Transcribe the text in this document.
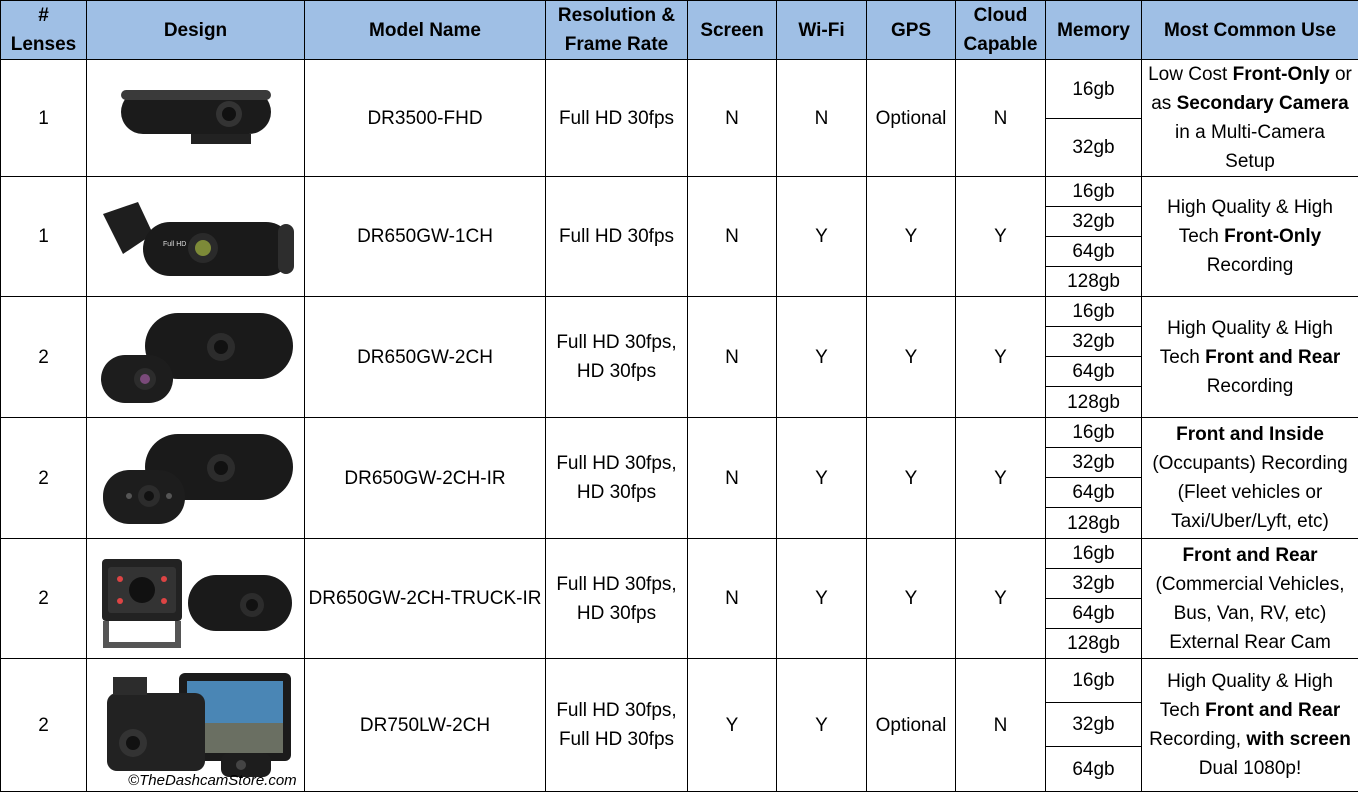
# Lenses	Design	Model Name	Resolution &
Frame Rate	Screen	Wi-Fi	GPS	Cloud
Capable	Memory	Most Common Use
1		DR3500-FHD	Full HD 30fps	N	N	Optional	N	16gb	Low Cost Front-Only or
as Secondary Camera
in a Multi-Camera
Setup
								32gb	
1	Full HD	DR650GW-1CH	Full HD 30fps	N	Y	Y	Y	16gb	High Quality & High
Tech Front-Only
Recording
								32gb	
								64gb	
								128gb	
2		DR650GW-2CH	Full HD 30fps,
HD 30fps	N	Y	Y	Y	16gb	High Quality & High
Tech Front and Rear
Recording
								32gb	
								64gb	
								128gb	
2		DR650GW-2CH-IR	Full HD 30fps,
HD 30fps	N	Y	Y	Y	16gb	Front and Inside
(Occupants) Recording
(Fleet vehicles or
Taxi/Uber/Lyft, etc)
								32gb	
								64gb	
								128gb	
2		DR650GW-2CH-TRUCK-IR	Full HD 30fps,
HD 30fps	N	Y	Y	Y	16gb	Front and Rear
(Commercial Vehicles,
Bus, Van, RV, etc)
External Rear Cam
								32gb	
								64gb	
								128gb	
2	©TheDashcamStore.com	DR750LW-2CH	Full HD 30fps,
Full HD 30fps	Y	Y	Optional	N	16gb	High Quality & High
Tech Front and Rear
Recording, with screen
Dual 1080p!
								32gb	
								64gb	
